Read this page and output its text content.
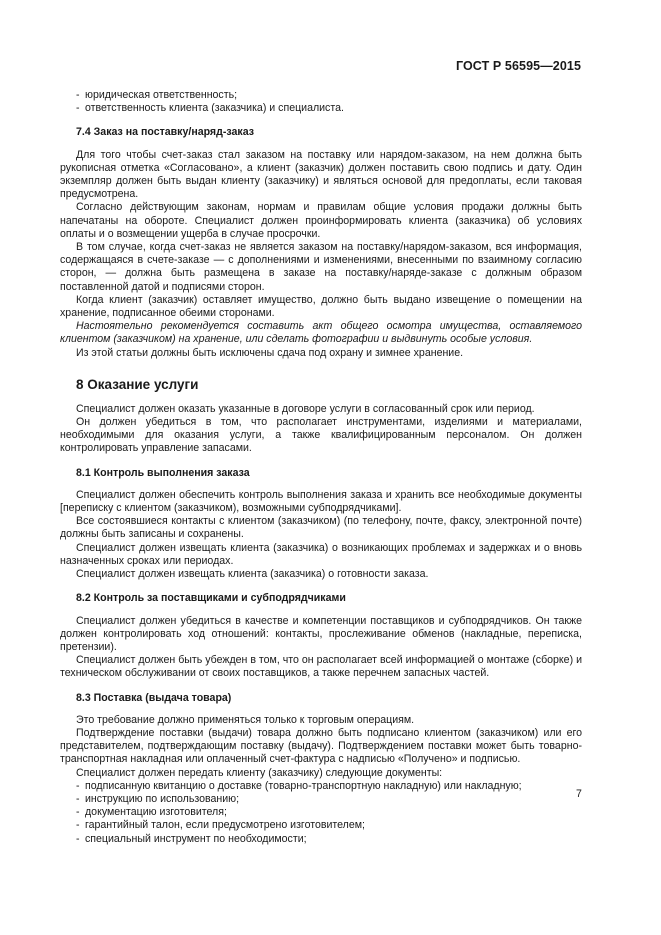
ГОСТ Р 56595—2015
- юридическая ответственность;
- ответственность клиента (заказчика) и специалиста.
7.4 Заказ на поставку/наряд-заказ

Для того чтобы счет-заказ стал заказом на поставку или нарядом-заказом, на нем должна быть рукописная отметка «Согласовано», а клиент (заказчик) должен поставить свою подпись и дату. Один экземпляр должен быть выдан клиенту (заказчику) и являться основой для предоплаты, если таковая предусмотрена.

Согласно действующим законам, нормам и правилам общие условия продажи должны быть напечатаны на обороте. Специалист должен проинформировать клиента (заказчика) об условиях оплаты и о возмещении ущерба в случае просрочки.

В том случае, когда счет-заказ не является заказом на поставку/нарядом-заказом, вся информация, содержащаяся в счете-заказе — с дополнениями и изменениями, внесенными по взаимному согласию сторон, — должна быть размещена в заказе на поставку/наряде-заказе с должным образом поставленной датой и подписями сторон.

Когда клиент (заказчик) оставляет имущество, должно быть выдано извещение о помещении на хранение, подписанное обеими сторонами.

Настоятельно рекомендуется составить акт общего осмотра имущества, оставляемого клиентом (заказчиком) на хранение, или сделать фотографии и выдвинуть особые условия.

Из этой статьи должны быть исключены сдача под охрану и зимнее хранение.

8 Оказание услуги

Специалист должен оказать указанные в договоре услуги в согласованный срок или период.

Он должен убедиться в том, что располагает инструментами, изделиями и материалами, необходимыми для оказания услуги, а также квалифицированным персоналом. Он должен контролировать управление запасами.

8.1 Контроль выполнения заказа

Специалист должен обеспечить контроль выполнения заказа и хранить все необходимые документы [переписку с клиентом (заказчиком), возможными субподрядчиками].

Все состоявшиеся контакты с клиентом (заказчиком) (по телефону, почте, факсу, электронной почте) должны быть записаны и сохранены.

Специалист должен извещать клиента (заказчика) о возникающих проблемах и задержках и о вновь назначенных сроках или периодах.

Специалист должен извещать клиента (заказчика) о готовности заказа.

8.2 Контроль за поставщиками и субподрядчиками

Специалист должен убедиться в качестве и компетенции поставщиков и субподрядчиков. Он также должен контролировать ход отношений: контакты, прослеживание обменов (накладные, переписка, претензии).

Специалист должен быть убежден в том, что он располагает всей информацией о монтаже (сборке) и техническом обслуживании от своих поставщиков, а также перечнем запасных частей.

8.3 Поставка (выдача товара)

Это требование должно применяться только к торговым операциям.

Подтверждение поставки (выдачи) товара должно быть подписано клиентом (заказчиком) или его представителем, подтверждающим поставку (выдачу). Подтверждением поставки может быть товарно-транспортная накладная или оплаченный счет-фактура с надписью «Получено» и подписью.

Специалист должен передать клиенту (заказчику) следующие документы:

- подписанную квитанцию о доставке (товарно-транспортную накладную) или накладную;
- инструкцию по использованию;
- документацию изготовителя;
- гарантийный талон, если предусмотрено изготовителем;
- специальный инструмент по необходимости;
7
